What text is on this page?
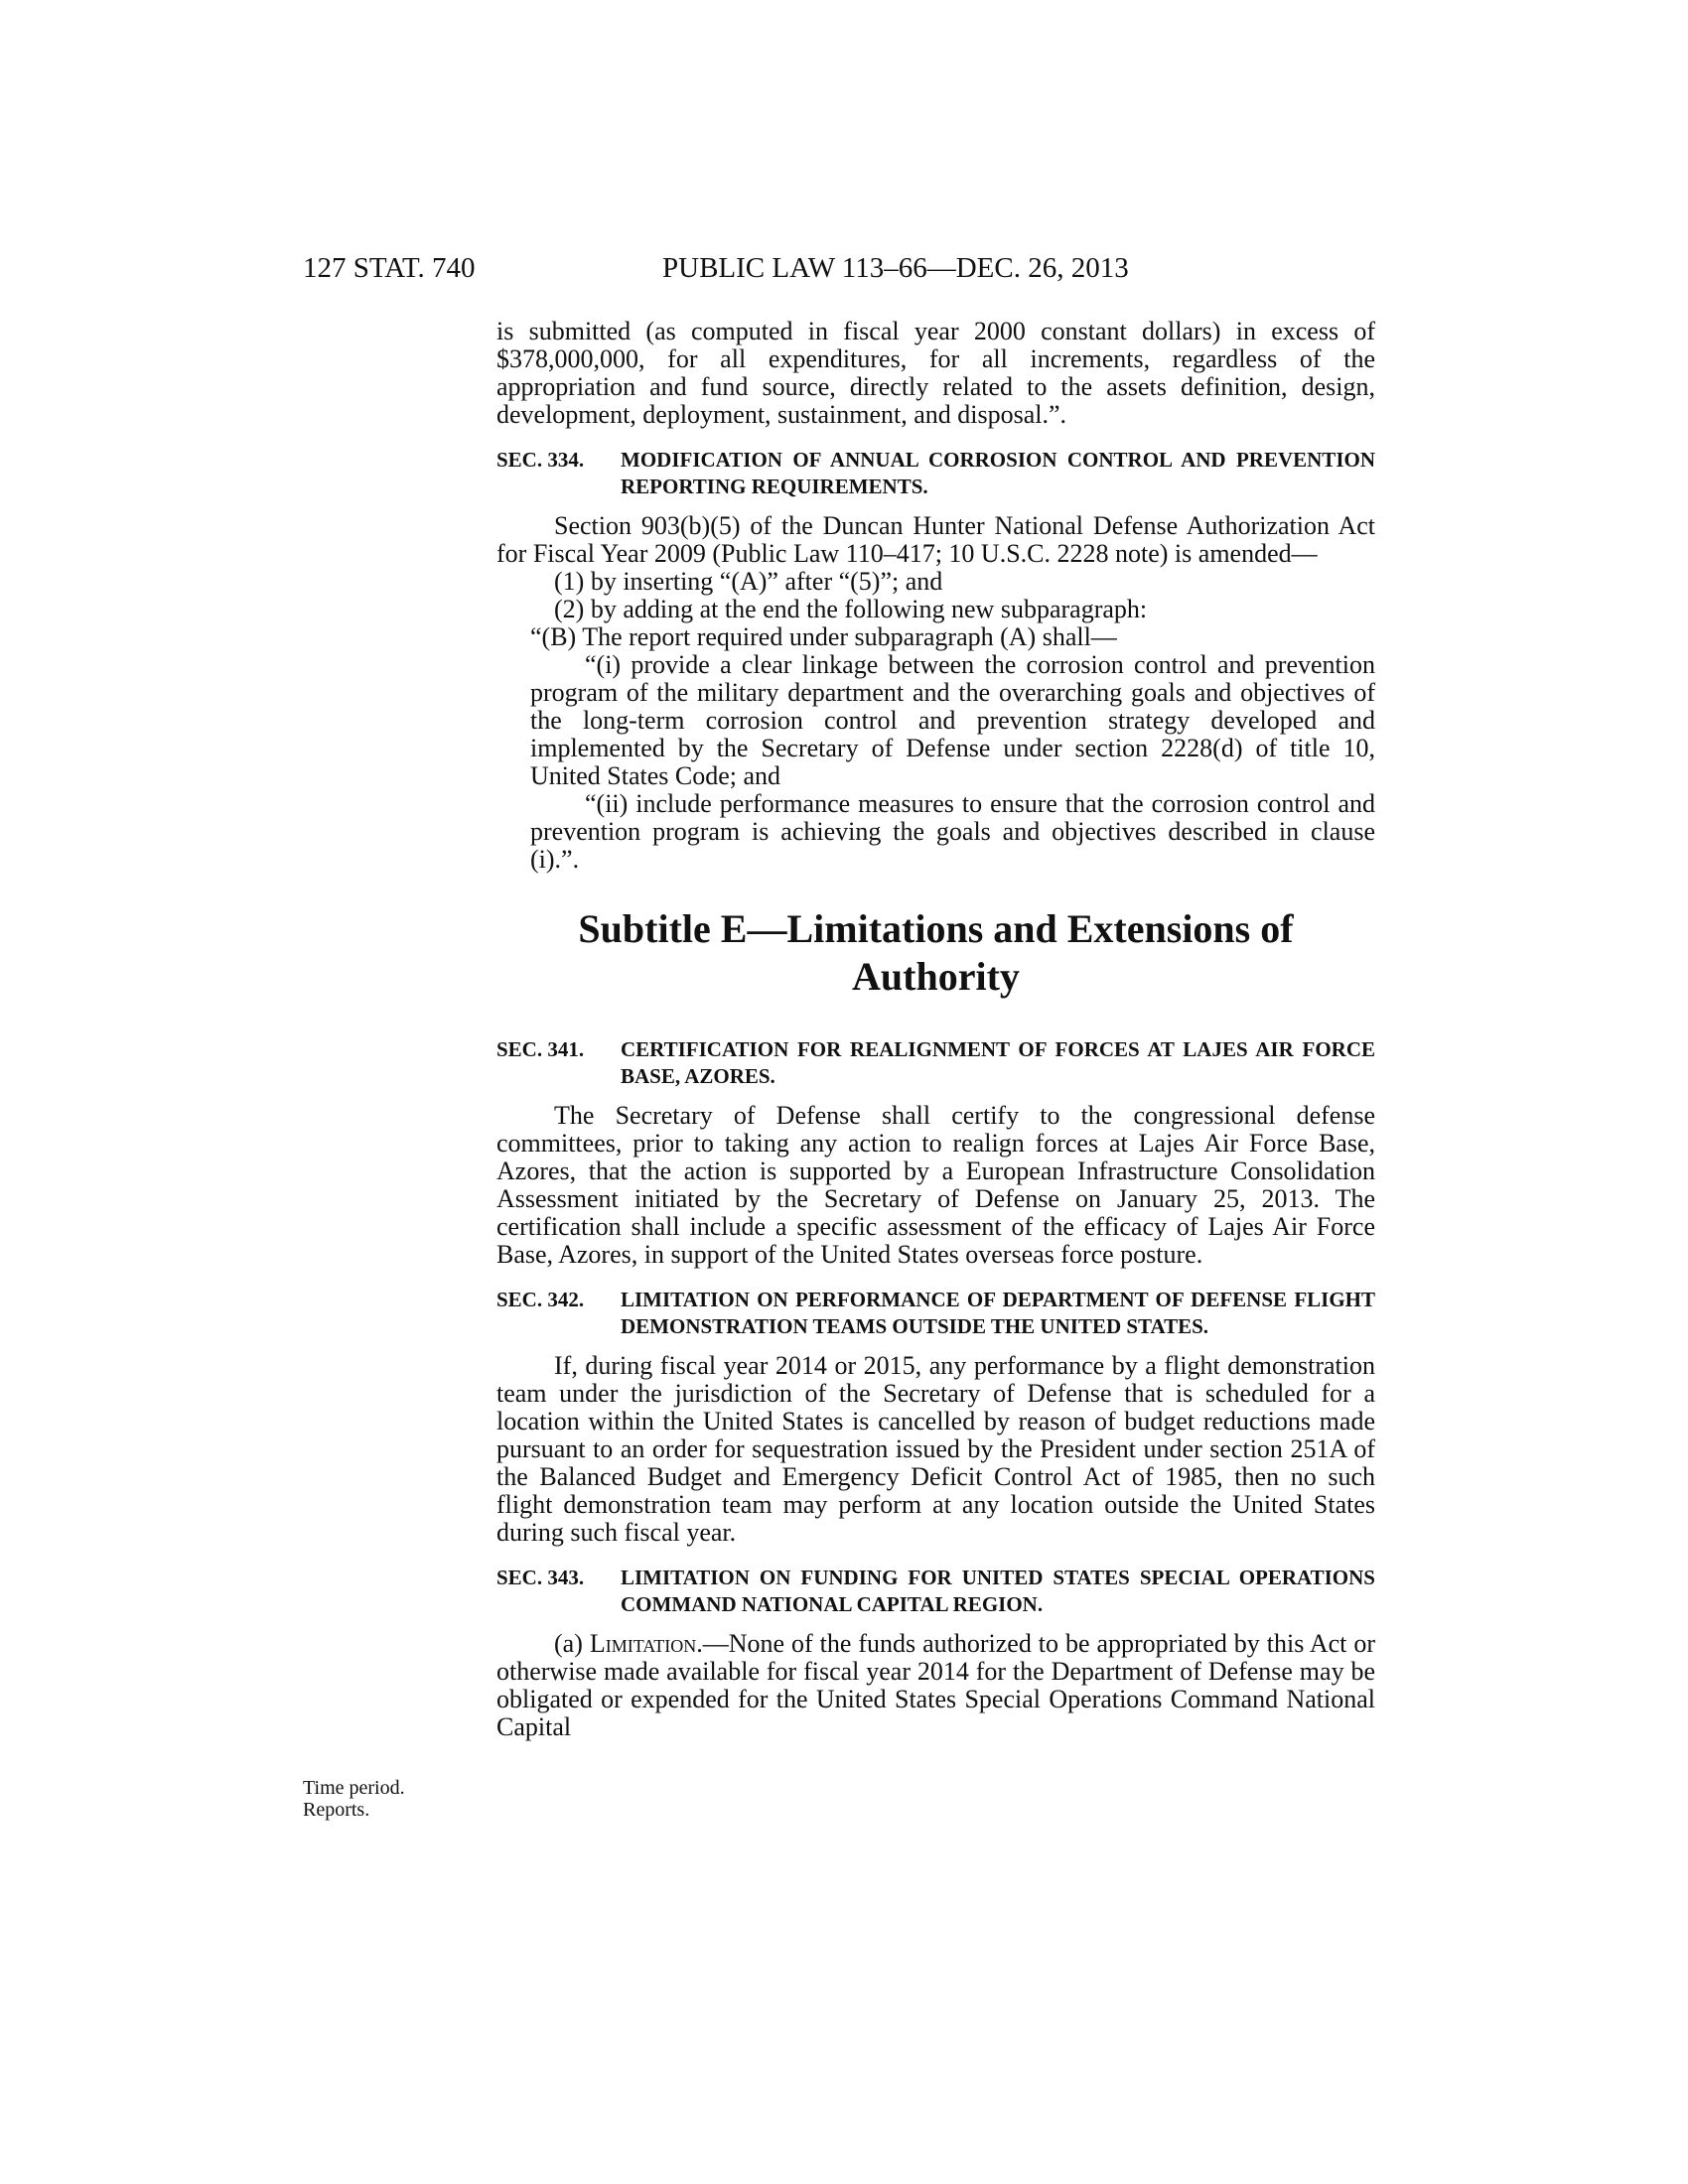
127 STAT. 740	PUBLIC LAW 113–66—DEC. 26, 2013
Time period.
Reports.

is submitted (as computed in fiscal year 2000 constant dollars) in excess of $378,000,000, for all expenditures, for all increments, regardless of the appropriation and fund source, directly related to the assets definition, design, development, deployment, sustainment, and disposal.”.

SEC. 334.	MODIFICATION OF ANNUAL CORROSION CONTROL AND PREVENTION REPORTING REQUIREMENTS.

Section 903(b)(5) of the Duncan Hunter National Defense Authorization Act for Fiscal Year 2009 (Public Law 110–417; 10 U.S.C. 2228 note) is amended—

(1) by inserting “(A)” after “(5)”; and

(2) by adding at the end the following new subparagraph:

“(B) The report required under subparagraph (A) shall—

“(i) provide a clear linkage between the corrosion control and prevention program of the military department and the overarching goals and objectives of the long-term corrosion control and prevention strategy developed and implemented by the Secretary of Defense under section 2228(d) of title 10, United States Code; and

“(ii) include performance measures to ensure that the corrosion control and prevention program is achieving the goals and objectives described in clause (i).”.

Subtitle E—Limitations and Extensions of
Authority
SEC. 341.	CERTIFICATION FOR REALIGNMENT OF FORCES AT LAJES AIR FORCE BASE, AZORES.

The Secretary of Defense shall certify to the congressional defense committees, prior to taking any action to realign forces at Lajes Air Force Base, Azores, that the action is supported by a European Infrastructure Consolidation Assessment initiated by the Secretary of Defense on January 25, 2013. The certification shall include a specific assessment of the efficacy of Lajes Air Force Base, Azores, in support of the United States overseas force posture.

SEC. 342.	LIMITATION ON PERFORMANCE OF DEPARTMENT OF DEFENSE FLIGHT DEMONSTRATION TEAMS OUTSIDE THE UNITED STATES.

If, during fiscal year 2014 or 2015, any performance by a flight demonstration team under the jurisdiction of the Secretary of Defense that is scheduled for a location within the United States is cancelled by reason of budget reductions made pursuant to an order for sequestration issued by the President under section 251A of the Balanced Budget and Emergency Deficit Control Act of 1985, then no such flight demonstration team may perform at any location outside the United States during such fiscal year.

SEC. 343.	LIMITATION ON FUNDING FOR UNITED STATES SPECIAL OPERATIONS COMMAND NATIONAL CAPITAL REGION.

(a) Limitation.—None of the funds authorized to be appropriated by this Act or otherwise made available for fiscal year 2014 for the Department of Defense may be obligated or expended for the United States Special Operations Command National Capital
